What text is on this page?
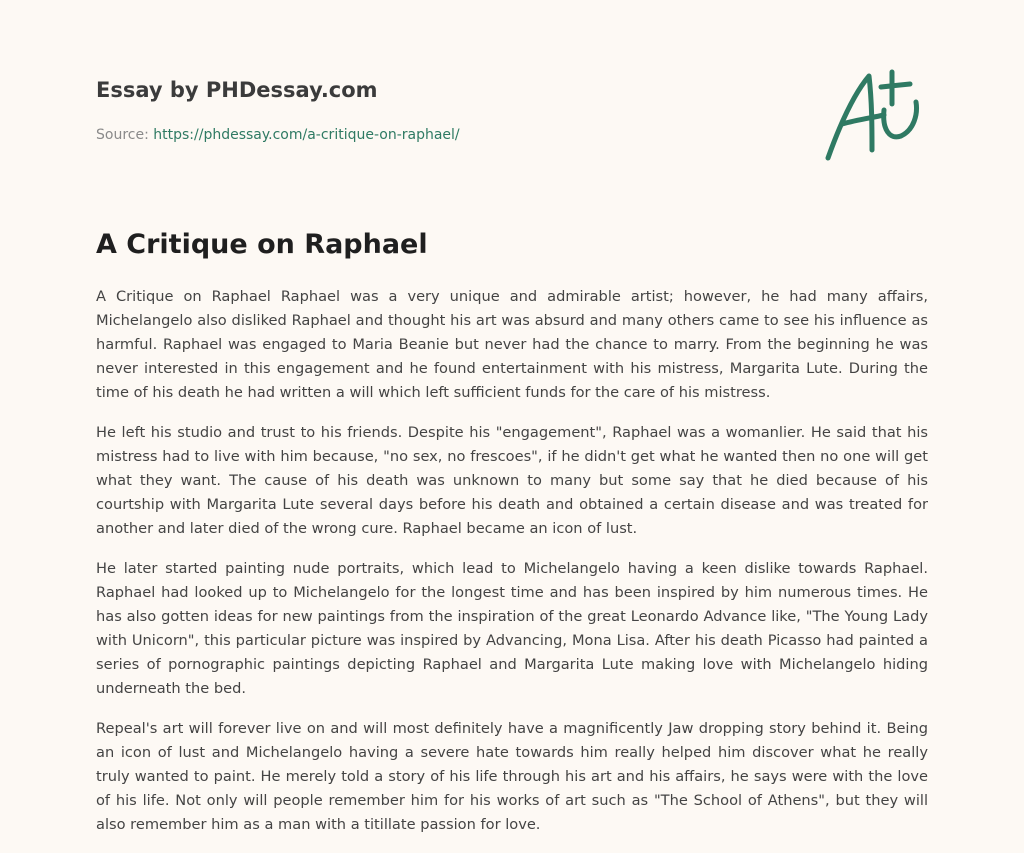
Essay by PHDessay.com

Source: https://phdessay.com/a-critique-on-raphael/
A Critique on Raphael

A Critique on Raphael Raphael was a very unique and admirable artist; however, he had many affairs, Michelangelo also disliked Raphael and thought his art was absurd and many others came to see his influence as harmful. Raphael was engaged to Maria Beanie but never had the chance to marry. From the beginning he was never interested in this engagement and he found entertainment with his mistress, Margarita Lute. During the time of his death he had written a will which left sufficient funds for the care of his mistress.

He left his studio and trust to his friends. Despite his "engagement", Raphael was a womanlier. He said that his mistress had to live with him because, "no sex, no frescoes", if he didn't get what he wanted then no one will get what they want. The cause of his death was unknown to many but some say that he died because of his courtship with Margarita Lute several days before his death and obtained a certain disease and was treated for another and later died of the wrong cure. Raphael became an icon of lust.

He later started painting nude portraits, which lead to Michelangelo having a keen dislike towards Raphael. Raphael had looked up to Michelangelo for the longest time and has been inspired by him numerous times. He has also gotten ideas for new paintings from the inspiration of the great Leonardo Advance like, "The Young Lady with Unicorn", this particular picture was inspired by Advancing, Mona Lisa. After his death Picasso had painted a series of pornographic paintings depicting Raphael and Margarita Lute making love with Michelangelo hiding underneath the bed.

Repeal's art will forever live on and will most definitely have a magnificently Jaw dropping story behind it. Being an icon of lust and Michelangelo having a severe hate towards him really helped him discover what he really truly wanted to paint. He merely told a story of his life through his art and his affairs, he says were with the love of his life. Not only will people remember him for his works of art such as "The School of Athens", but they will also remember him as a man with a titillate passion for love.
